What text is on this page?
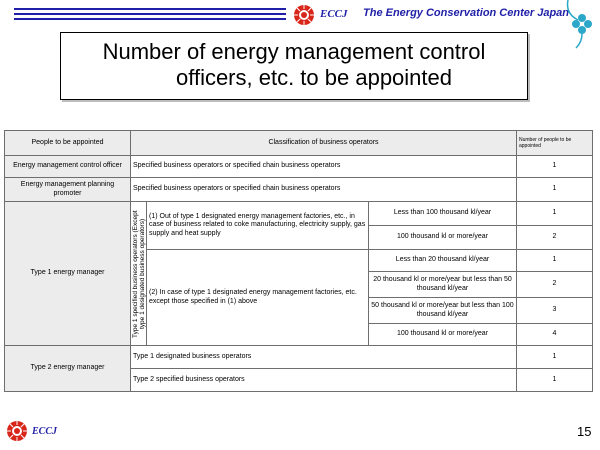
ECCJ The Energy Conservation Center Japan
Number of energy management control
officers, etc. to be appointed
People to be appointed	Classification of business operators			Number of people to be appointed
Energy management control officer	Specified business operators or specified chain business operators			1
Energy management planning promoter	Specified business operators or specified chain business operators			1
Type 1 energy manager	Type 1 specified business operators (Except type 1 designated business operators)	(1) Out of type 1 designated energy management factories, etc., in case of business related to coke manufacturing, electricity supply, gas supply and heat supply	Less than 100 thousand kl/year	1
			100 thousand kl or more/year	2
		(2) In case of type 1 designated energy management factories, etc. except those specified in (1) above	Less than 20 thousand kl/year	1
			20 thousand kl or more/year but less than 50 thousand kl/year	2
			50 thousand kl or more/year but less than 100 thousand kl/year	3
			100 thousand kl or more/year	4
Type 2 energy manager	Type 1 designated business operators			1
	Type 2 specified business operators			1
ECCJ	15
